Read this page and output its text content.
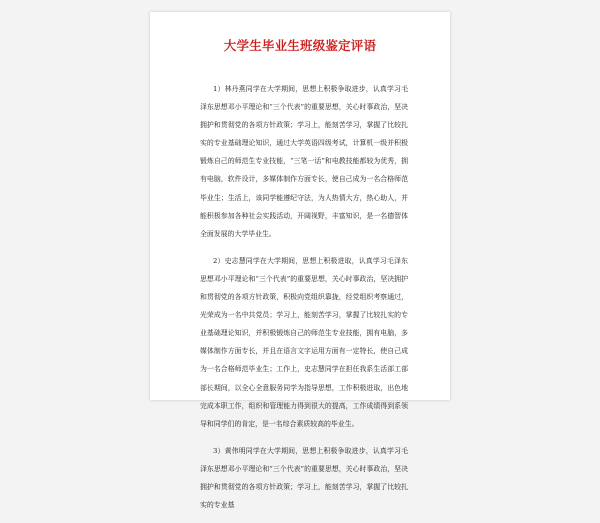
大学生毕业生班级鉴定评语

1）林丹燕同学在大学期间，思想上积极争取进步，认真学习毛泽东思想邓小平理论和“三个代表”的重要思想，关心时事政治，坚决拥护和贯彻党的各项方针政策；学习上，能刻苦学习，掌握了比较扎实的专业基础理论知识，通过大学英语四级考试，计算机一级并积极锻炼自己的师范生专业技能，“三笔一话”和电教技能都较为优秀，拥有电脑，软件设计，多媒体制作方面专长，使自己成为一名合格师范毕业生；生活上，该同学能遵纪守法，为人热情大方，热心助人，并能积极参加各种社会实践活动，开阔视野，丰富知识，是一名德智体全面发展的大学毕业生。

2）史志慧同学在大学期间，思想上积极进取，认真学习毛泽东思想邓小平理论和“三个代表”的重要思想，关心时事政治，坚决拥护和贯彻党的各项方针政策，积极向党组织靠拢，经党组织考察通过，光荣成为一名中共党员；学习上，能刻苦学习，掌握了比较扎实的专业基础理论知识，并积极锻炼自己的师范生专业技能，拥有电脑，多媒体制作方面专长，并且在语言文字运用方面有一定特长，使自己成为一名合格师范毕业生；工作上，史志慧同学在担任我系生活部工部部长期间，以全心全意服务同学为指导思想，工作积极进取，出色地完成本职工作，组织和管理能力得到很大的提高，工作成绩得到系领导和同学们的肯定，是一名综合素质较高的毕业生。

3）黄伟明同学在大学期间，思想上积极争取进步，认真学习毛泽东思想邓小平理论和“三个代表”的重要思想，关心时事政治，坚决拥护和贯彻党的各项方针政策；学习上，能刻苦学习，掌握了比较扎实的专业基
